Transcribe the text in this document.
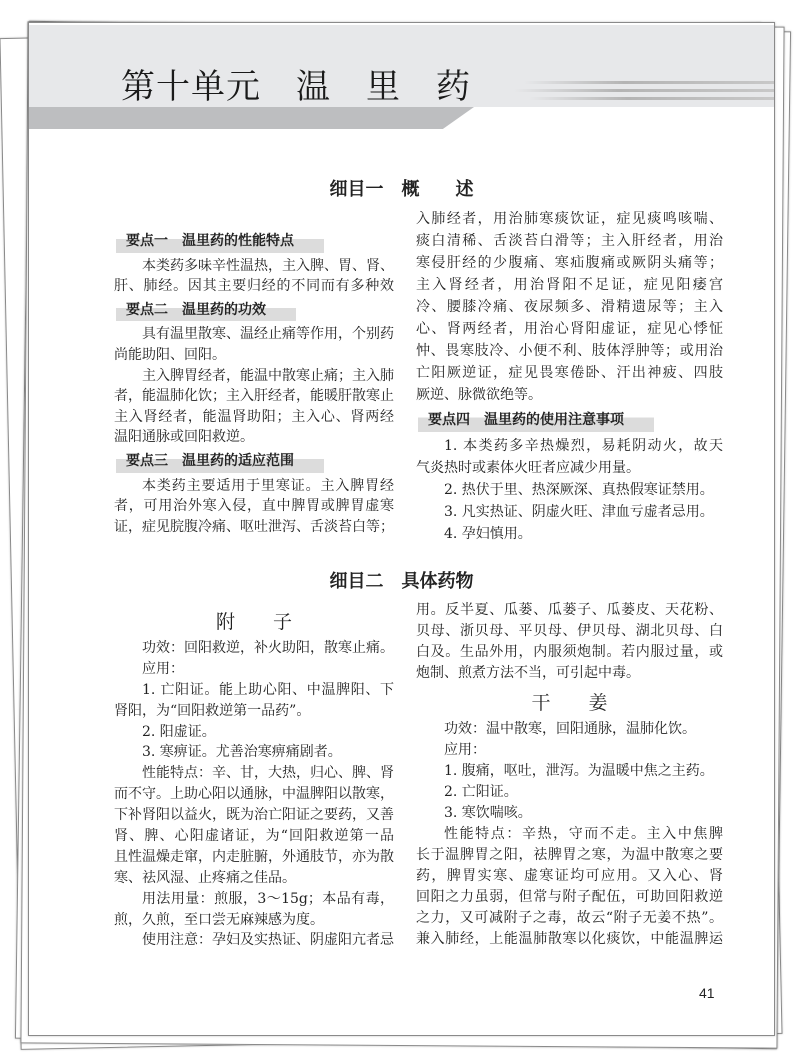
第十单元　温　里　药
细目一　概　　述
要点一　温里药的性能特点
本类药多味辛性温热，主入脾、胃、肾、
肝、肺经。因其主要归经的不同而有多种效
要点二　温里药的功效
具有温里散寒、温经止痛等作用，个别药
尚能助阳、回阳。
主入脾胃经者，能温中散寒止痛；主入肺
者，能温肺化饮；主入肝经者，能暖肝散寒止
主入肾经者，能温肾助阳；主入心、肾两经
温阳通脉或回阳救逆。
要点三　温里药的适应范围
本类药主要适用于里寒证。主入脾胃经
者，可用治外寒入侵，直中脾胃或脾胃虚寒
证，症见脘腹冷痛、呕吐泄泻、舌淡苔白等；
入肺经者，用治肺寒痰饮证，症见痰鸣咳喘、
痰白清稀、舌淡苔白滑等；主入肝经者，用治
寒侵肝经的少腹痛、寒疝腹痛或厥阴头痛等；
主入肾经者，用治肾阳不足证，症见阳痿宫
冷、腰膝冷痛、夜尿频多、滑精遗尿等；主入
心、肾两经者，用治心肾阳虚证，症见心悸怔
忡、畏寒肢冷、小便不利、肢体浮肿等；或用治
亡阳厥逆证，症见畏寒倦卧、汗出神疲、四肢
厥逆、脉微欲绝等。
要点四　温里药的使用注意事项
1. 本类药多辛热燥烈，易耗阴动火，故天
气炎热时或素体火旺者应减少用量。
2. 热伏于里、热深厥深、真热假寒证禁用。
3. 凡实热证、阴虚火旺、津血亏虚者忌用。
4. 孕妇慎用。
细目二　具体药物
附　　子
功效：回阳救逆，补火助阳，散寒止痛。
应用：
1. 亡阳证。能上助心阳、中温脾阳、下
肾阳，为“回阳救逆第一品药”。
2. 阳虚证。
3. 寒痹证。尤善治寒痹痛剧者。
性能特点：辛、甘，大热，归心、脾、肾
而不守。上助心阳以通脉，中温脾阳以散寒，
下补肾阳以益火，既为治亡阳证之要药，又善
肾、脾、心阳虚诸证，为“回阳救逆第一品
且性温燥走窜，内走脏腑，外通肢节，亦为散
寒、祛风湿、止疼痛之佳品。
用法用量：煎服，3～15g；本品有毒，
煎，久煎，至口尝无麻辣感为度。
使用注意：孕妇及实热证、阴虚阳亢者忌
用。反半夏、瓜蒌、瓜蒌子、瓜蒌皮、天花粉、
贝母、浙贝母、平贝母、伊贝母、湖北贝母、白
白及。生品外用，内服须炮制。若内服过量，或
炮制、煎煮方法不当，可引起中毒。
干　　姜
功效：温中散寒，回阳通脉，温肺化饮。
应用：
1. 腹痛，呕吐，泄泻。为温暖中焦之主药。
2. 亡阳证。
3. 寒饮喘咳。
性能特点：辛热，守而不走。主入中焦脾
长于温脾胃之阳，祛脾胃之寒，为温中散寒之要
药，脾胃实寒、虚寒证均可应用。又入心、肾
回阳之力虽弱，但常与附子配伍，可助回阳救逆
之力，又可减附子之毒，故云“附子无姜不热”。
兼入肺经，上能温肺散寒以化痰饮，中能温脾运
41
